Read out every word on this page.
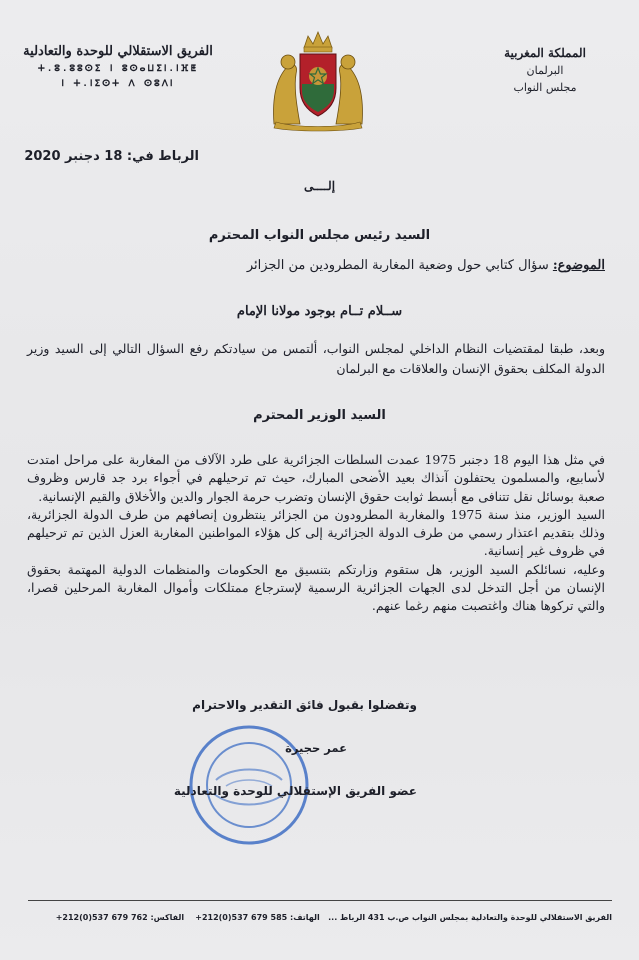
المملكة المغربية
البرلمان
مجلس النواب
الفريق الاستقلالي للوحدة والتعادلية
ⵜ.ⵓ.ⵓⵓⵙⵉ ⵏ ⵓⵙⴰⵡⵉⵏ.ⵏⴼⵟ
ⵏ ⵜ.ⵏⵉⵙⵜ ⴷ ⵙⵓⴷⵏ
الرباط في: 18 دجنبر 2020
إلــــى
السيد رئيس مجلس النواب المحترم
الموضوع: سؤال كتابي حول وضعية المغاربة المطرودين من الجزائر
ســلام تــام بوجود مولانا الإمام
وبعد، طبقا لمقتضيات النظام الداخلي لمجلس النواب، ألتمس من سيادتكم رفع السؤال التالي إلى السيد وزير الدولة المكلف بحقوق الإنسان والعلاقات مع البرلمان
السيد الوزير المحترم

في مثل هذا اليوم 18 دجنبر 1975 عمدت السلطات الجزائرية على طرد الآلاف من المغاربة على مراحل امتدت لأسابيع، والمسلمون يحتفلون آنذاك بعيد الأضحى المبارك، حيث تم ترحيلهم في أجواء برد جد قارس وظروف صعبة بوسائل نقل تتنافى مع أبسط ثوابت حقوق الإنسان وتضرب حرمة الجوار والدين والأخلاق والقيم الإنسانية.

السيد الوزير، منذ سنة 1975 والمغاربة المطرودون من الجزائر ينتظرون إنصافهم من طرف الدولة الجزائرية، وذلك بتقديم اعتذار رسمي من طرف الدولة الجزائرية إلى كل هؤلاء المواطنين المغاربة العزل الذين تم ترحيلهم في ظروف غير إنسانية.

وعليه، نسائلكم السيد الوزير، هل ستقوم وزارتكم بتنسيق مع الحكومات والمنظمات الدولية المهتمة بحقوق الإنسان من أجل التدخل لدى الجهات الجزائرية الرسمية لإسترجاع ممتلكات وأموال المغاربة المرحلين قصرا، والتي تركوها هناك واغتصبت منهم رغما عنهم.

وتفضلوا بقبول فائق التقدير والاحترام
عمر حجيرة
عضو الفريق الإستقلالي للوحدة والتعادلية
الفريق الاستقلالي للوحدة والتعادلية بمجلس النواب ص.ب 431 الرباط ...   الهاتف: +212(0)537 679 585    الفاكس: +212(0)537 679 762
